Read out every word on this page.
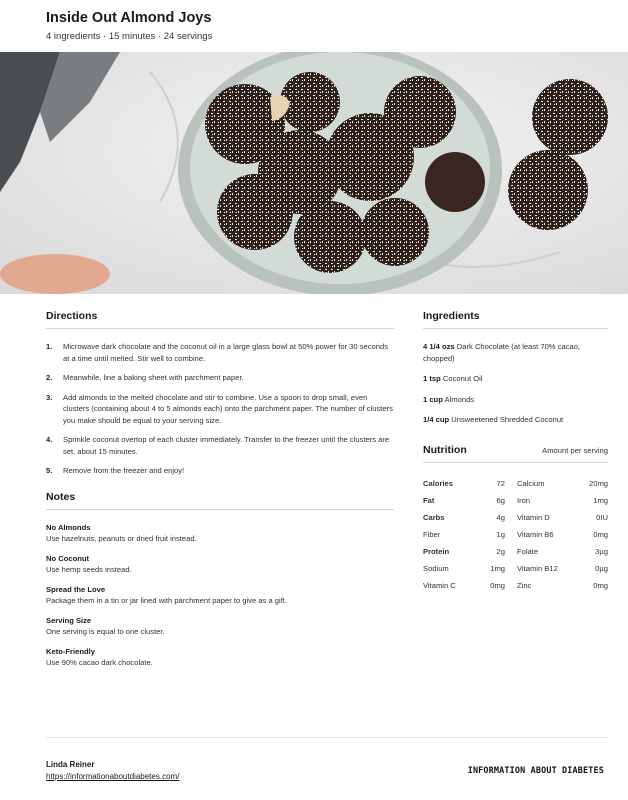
Inside Out Almond Joys
4 ingredients · 15 minutes · 24 servings
Directions
1.	Microwave dark chocolate and the coconut oil in a large glass bowl at 50% power for 30 seconds at a time until melted. Stir well to combine.
2.	Meanwhile, line a baking sheet with parchment paper.
3.	Add almonds to the melted chocolate and stir to combine. Use a spoon to drop small, even clusters (containing about 4 to 5 almonds each) onto the parchment paper. The number of clusters you make should be equal to your serving size.
4.	Sprinkle coconut overtop of each cluster immediately. Transfer to the freezer until the clusters are set, about 15 minutes.
5.	Remove from the freezer and enjoy!
Notes
No Almonds
Use hazelnuts, peanuts or dried fruit instead.
No Coconut
Use hemp seeds instead.
Spread the Love
Package them in a tin or jar lined with parchment paper to give as a gift.
Serving Size
One serving is equal to one cluster.
Keto-Friendly
Use 90% cacao dark chocolate.
Ingredients
4 1/4 ozs Dark Chocolate (at least 70% cacao, chopped)
1 tsp Coconut Oil
1 cup Almonds
1/4 cup Unsweetened Shredded Coconut
Nutrition	Amount per serving
Calories	72	Calcium	20mg
Fat	6g	Iron	1mg
Carbs	4g	Vitamin D	0IU
Fiber	1g	Vitamin B6	0mg
Protein	2g	Folate	3µg
Sodium	1mg	Vitamin B12	0µg
Vitamin C	0mg	Zinc	0mg
Linda Reiner
https://informationaboutdiabetes.com/
INFORMATION ABOUT DIABETES
